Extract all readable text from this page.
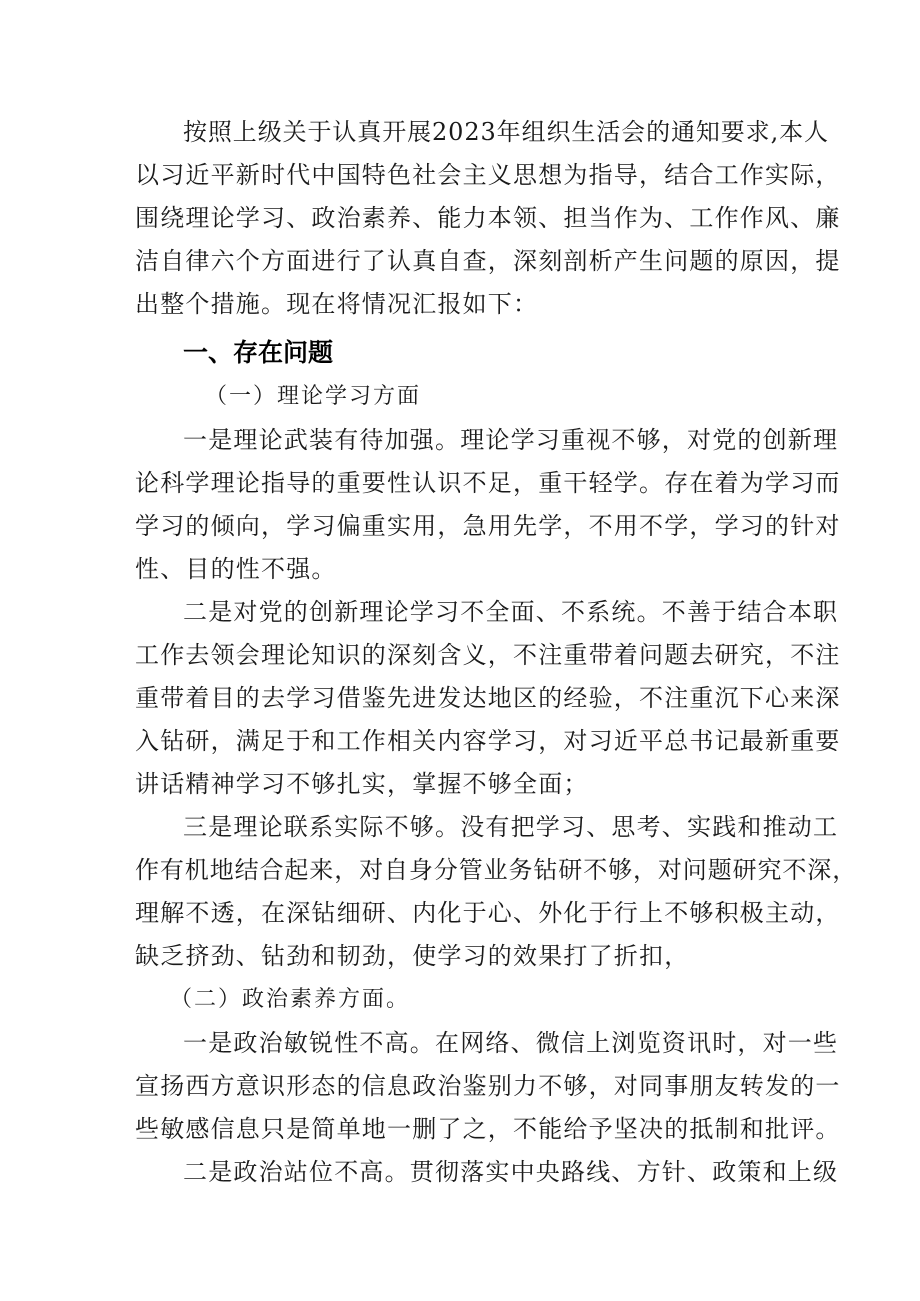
按照上级关于认真开展2023年组织生活会的通知要求,本人
以习近平新时代中国特色社会主义思想为指导，结合工作实际，
围绕理论学习、政治素养、能力本领、担当作为、工作作风、廉
洁自律六个方面进行了认真自查，深刻剖析产生问题的原因，提
出整个措施。现在将情况汇报如下：
一、存在问题
（一）理论学习方面
一是理论武装有待加强。理论学习重视不够，对党的创新理
论科学理论指导的重要性认识不足，重干轻学。存在着为学习而
学习的倾向，学习偏重实用，急用先学，不用不学，学习的针对
性、目的性不强。
二是对党的创新理论学习不全面、不系统。不善于结合本职
工作去领会理论知识的深刻含义，不注重带着问题去研究，不注
重带着目的去学习借鉴先进发达地区的经验，不注重沉下心来深
入钻研，满足于和工作相关内容学习，对习近平总书记最新重要
讲话精神学习不够扎实，掌握不够全面；
三是理论联系实际不够。没有把学习、思考、实践和推动工
作有机地结合起来，对自身分管业务钻研不够，对问题研究不深，
理解不透，在深钻细研、内化于心、外化于行上不够积极主动，
缺乏挤劲、钻劲和韧劲，使学习的效果打了折扣，
（二）政治素养方面。
一是政治敏锐性不高。在网络、微信上浏览资讯时，对一些
宣扬西方意识形态的信息政治鉴别力不够，对同事朋友转发的一
些敏感信息只是简单地一删了之，不能给予坚决的抵制和批评。
二是政治站位不高。贯彻落实中央路线、方针、政策和上级
